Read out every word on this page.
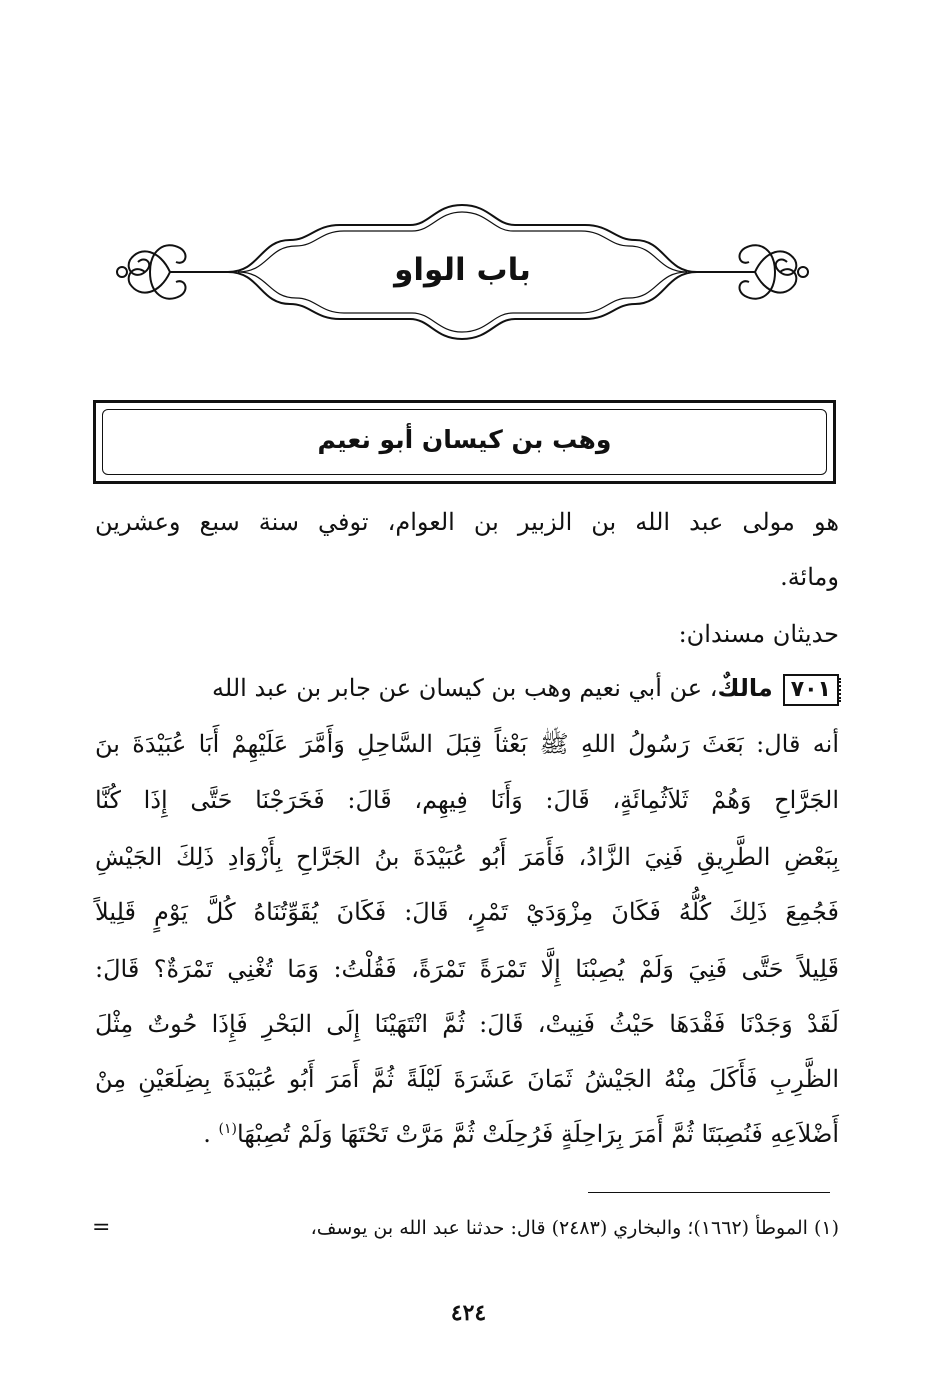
باب الواو
وهب بن كيسان أبو نعيم
هو مولى عبد الله بن الزبير بن العوام، توفي سنة سبع وعشرين
ومائة.
حديثان مسندان:
٧٠١مالكٌ، عن أبي نعيم وهب بن كيسان عن جابر بن عبد الله
أنه قال: بَعَثَ رَسُولُ اللهِ ﷺ بَعْثاً قِبَلَ السَّاحِلِ وَأَمَّرَ عَلَيْهِمْ أَبَا عُبَيْدَةَ بنَ
الجَرَّاحِ وَهُمْ ثَلاَثُمِائَةٍ، قَالَ: وَأَنَا فِيهِم، قَالَ: فَخَرَجْنَا حَتَّى إِذَا كُنَّا
بِبَعْضِ الطَّرِيقِ فَنِيَ الزَّادُ، فَأَمَرَ أَبُو عُبَيْدَةَ بنُ الجَرَّاحِ بِأَزْوَادِ ذَلِكَ الجَيْشِ
فَجُمِعَ ذَلِكَ كُلُّهُ فَكَانَ مِزْوَدَيْ تَمْرٍ، قَالَ: فَكَانَ يُقَوِّتُنَاهُ كُلَّ يَوْمٍ قَلِيلاً
قَلِيلاً حَتَّى فَنِيَ وَلَمْ يُصِبْنَا إِلَّا تَمْرَةً تَمْرَةً، فَقُلْتُ: وَمَا تُغْنِي تَمْرَةٌ؟ قَالَ:
لَقَدْ وَجَدْنَا فَقْدَهَا حَيْثُ فَنِيتْ، قَالَ: ثُمَّ انْتَهَيْنَا إِلَى البَحْرِ فَإِذَا حُوتٌ مِثْلَ
الظَّرِبِ فَأَكَلَ مِنْهُ الجَيْشُ ثَمَانَ عَشَرَةَ لَيْلَةً ثُمَّ أَمَرَ أَبُو عُبَيْدَةَ بِضِلَعَيْنِ مِنْ
أَضْلاَعِهِ فَنُصِبَتَا ثُمَّ أَمَرَ بِرَاحِلَةٍ فَرُحِلَتْ ثُمَّ مَرَّتْ تَحْتَهَا وَلَمْ تُصِبْهَا$^{(١)}$ .
(١) الموطأ (١٦٦٢)؛ والبخاري (٢٤٨٣) قال: حدثنا عبد الله بن يوسف،
=
٤٢٤
